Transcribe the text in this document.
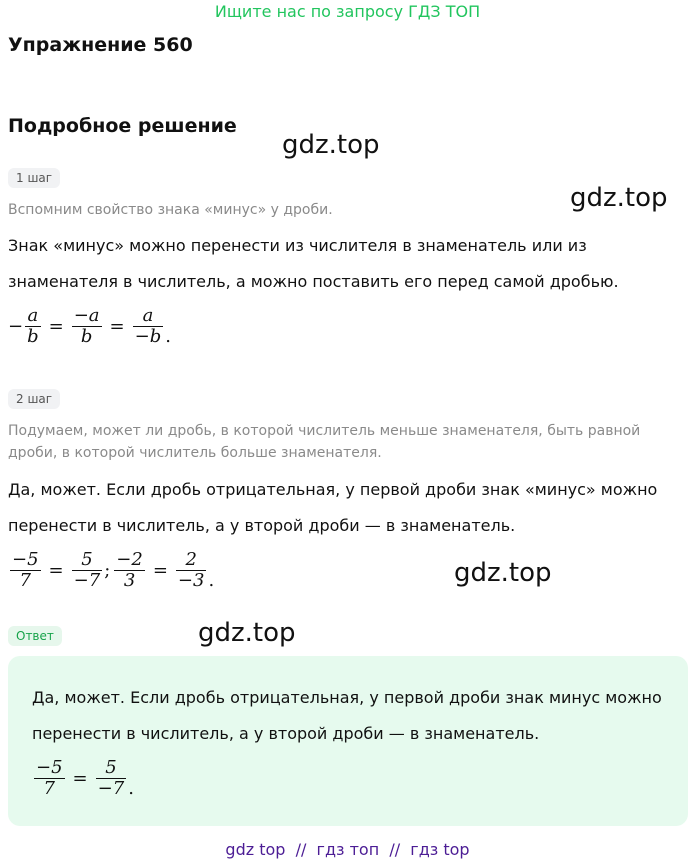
Ищите нас по запросу ГДЗ ТОП
Упражнение 560
Подробное решение
gdz.top
gdz.top
gdz.top
gdz.top
1 шаг
Вспомним свойство знака «минус» у дроби.
Знак «минус» можно перенести из числителя в знаменатель или из знаменателя в числитель, а можно поставить его перед самой дробью.
− $\frac{a}{b} = \frac{-a}{b} = \frac{a}{-b}$ .
2 шаг
Подумаем, может ли дробь, в которой числитель меньше знаменателя, быть равной дроби, в которой числитель больше знаменателя.
Да, может. Если дробь отрицательная, у первой дроби знак «минус» можно перенести в числитель, а у второй дроби — в знаменатель.
$\frac{-5}{7} = \frac{5}{-7}$ ; $\frac{-2}{3} = \frac{2}{-3}$ .
Ответ
Да, может. Если дробь отрицательная, у первой дроби знак минус можно перенести в числитель, а у второй дроби — в знаменатель.
$\frac{-5}{7} = \frac{5}{-7}$ .
gdz top  //  гдз топ  //  гдз top
